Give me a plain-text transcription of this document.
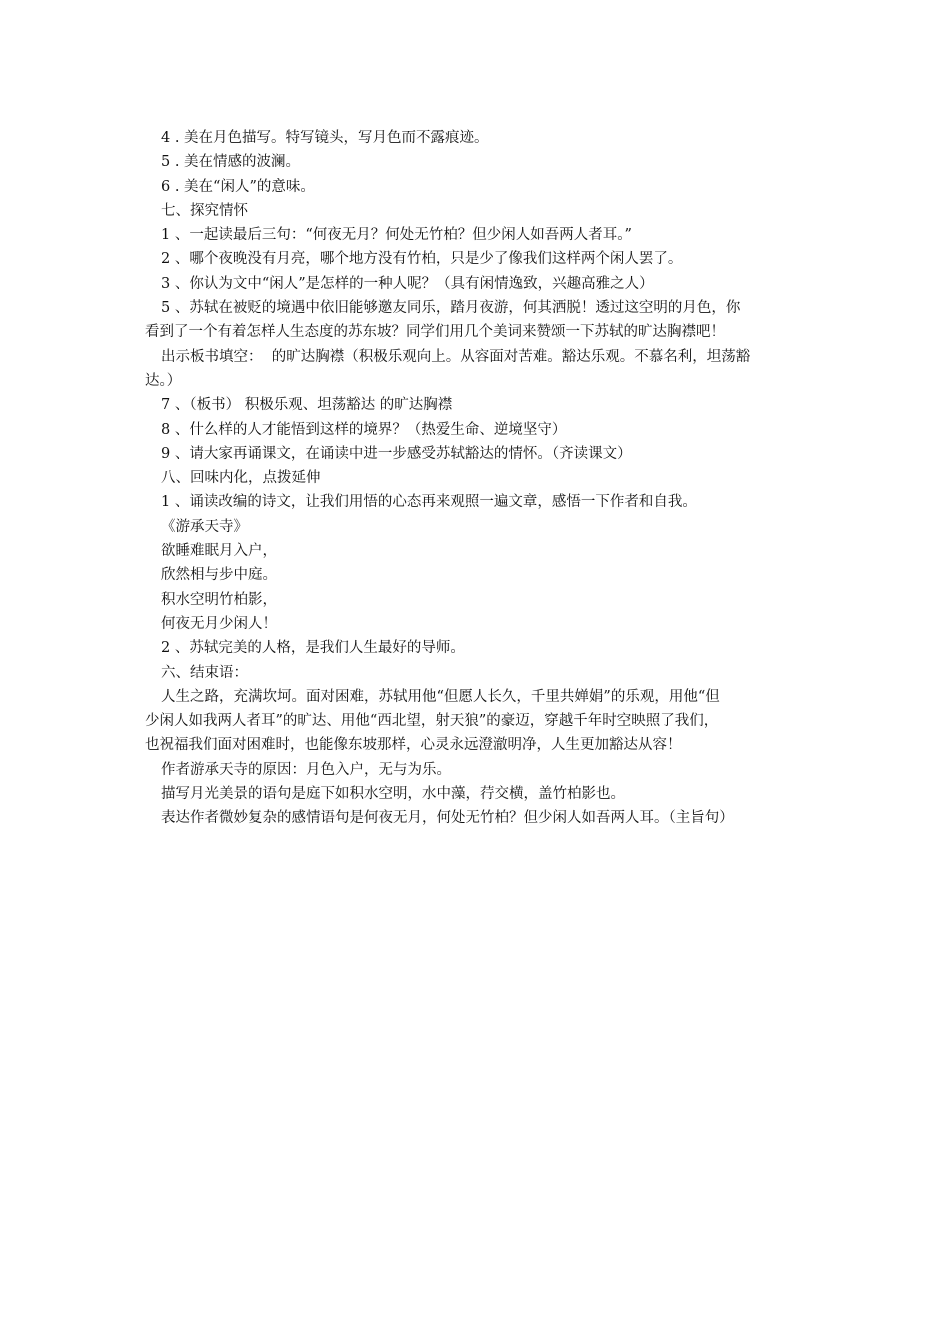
4 . 美在月色描写。特写镜头，写月色而不露痕迹。

5 . 美在情感的波澜。

6 . 美在“闲人”的意味。

七、探究情怀

1 、一起读最后三句：“何夜无月？何处无竹柏？但少闲人如吾两人者耳。”

2 、哪个夜晚没有月亮，哪个地方没有竹柏，只是少了像我们这样两个闲人罢了。

3 、你认为文中“闲人”是怎样的一种人呢？（具有闲情逸致，兴趣高雅之人）

5 、苏轼在被贬的境遇中依旧能够邀友同乐，踏月夜游，何其洒脱！透过这空明的月色，你

看到了一个有着怎样人生态度的苏东坡？同学们用几个美词来赞颂一下苏轼的旷达胸襟吧！

出示板书填空：  的旷达胸襟（积极乐观向上。从容面对苦难。豁达乐观。不慕名利，坦荡豁

达。）

7 、（板书） 积极乐观、坦荡豁达 的旷达胸襟

8 、什么样的人才能悟到这样的境界？（热爱生命、逆境坚守）

9 、请大家再诵课文，在诵读中进一步感受苏轼豁达的情怀。（齐读课文）

八、回味内化，点拨延伸

1 、诵读改编的诗文，让我们用悟的心态再来观照一遍文章，感悟一下作者和自我。

《游承天寺》

欲睡难眠月入户，

欣然相与步中庭。

积水空明竹柏影，

何夜无月少闲人！

2 、苏轼完美的人格，是我们人生最好的导师。

六、结束语：

人生之路，充满坎坷。面对困难，苏轼用他“但愿人长久，千里共婵娟”的乐观，用他“但

少闲人如我两人者耳”的旷达、用他“西北望，射天狼”的豪迈，穿越千年时空映照了我们，

也祝福我们面对困难时，也能像东坡那样，心灵永远澄澈明净，人生更加豁达从容！

作者游承天寺的原因：月色入户，无与为乐。

描写月光美景的语句是庭下如积水空明，水中藻，荇交横，盖竹柏影也。

表达作者微妙复杂的感情语句是何夜无月，何处无竹柏？但少闲人如吾两人耳。（主旨句）
